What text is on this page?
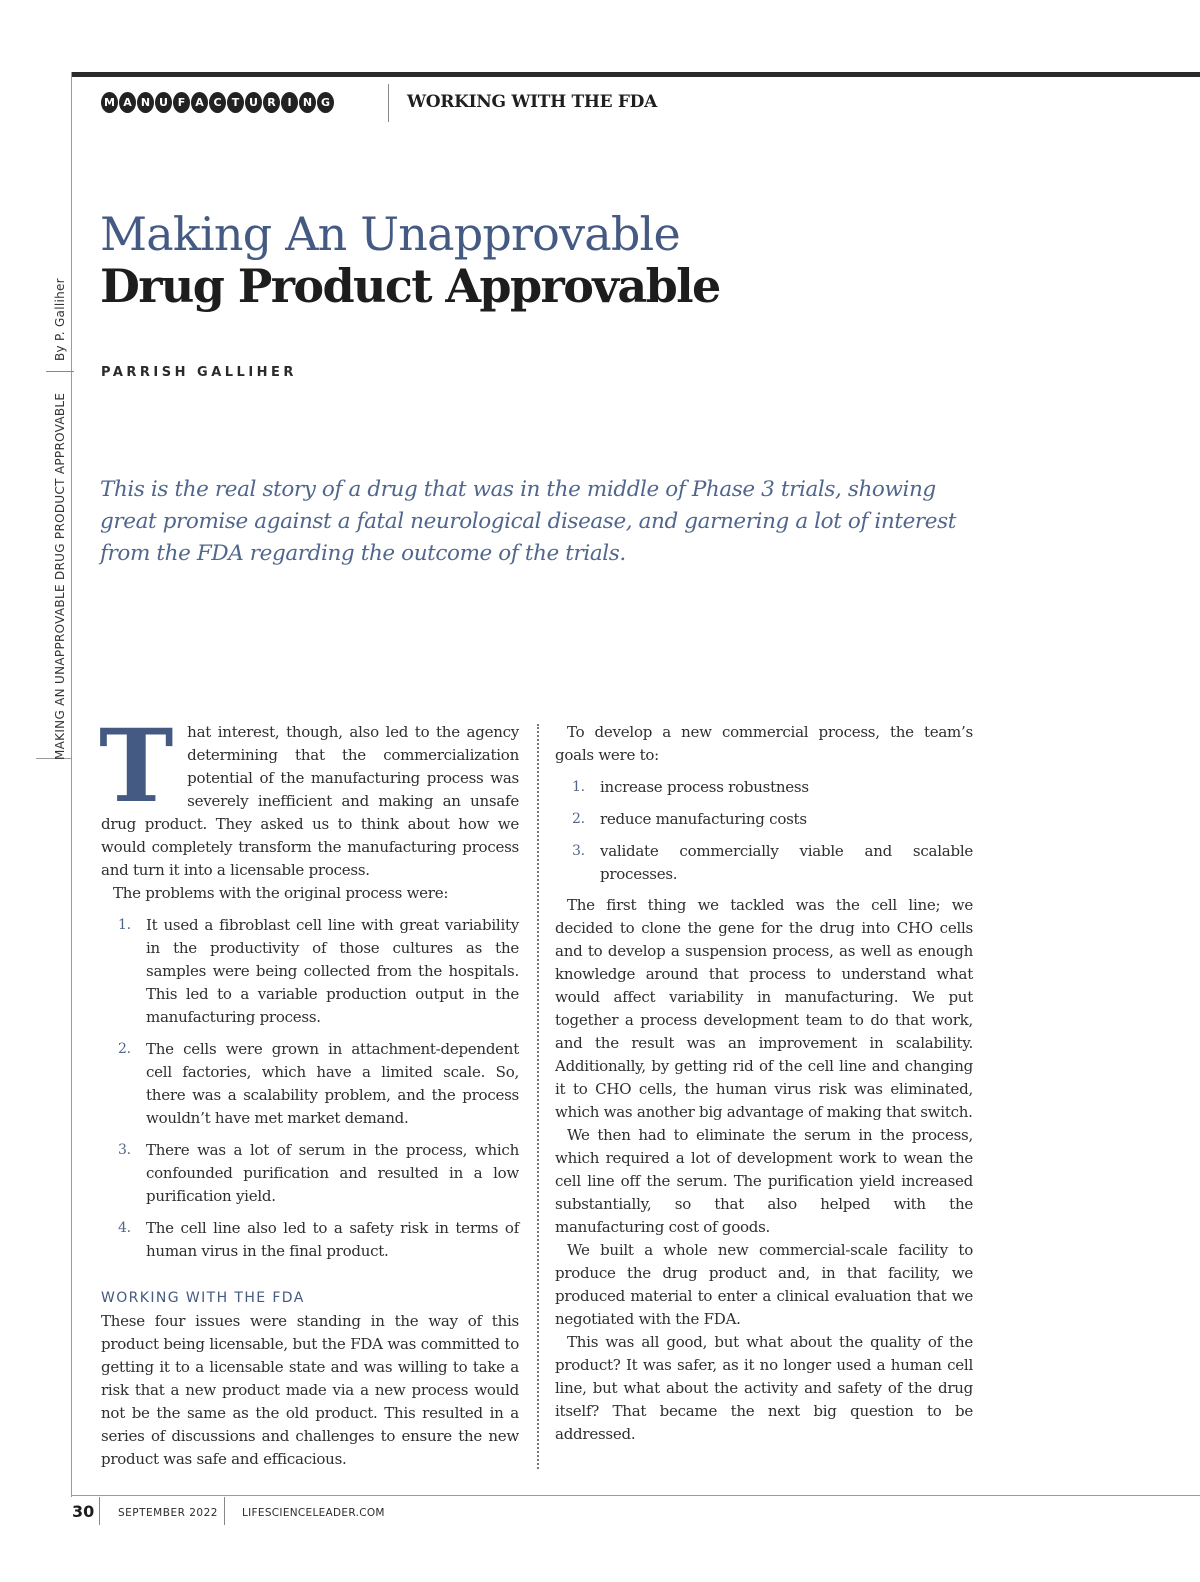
M A N U F A C T U R	I	N G	WORKING WITH THE FDA
MAKING AN UNAPPROVABLE DRUG PRODUCT APPROVABLE
By P. Galliher
Making An Unapprovable
Drug Product Approvable
PARRISH GALLIHER
This is the real story of a drug that was in the middle of Phase 3 trials, showing great promise against a fatal neurological disease, and garnering a lot of interest from the FDA regarding the outcome of the trials.

That interest, though, also led to the agency determining that the commercialization potential of the manufacturing process was severely inefficient and making an unsafe drug product. They asked us to think about how we would completely transform the manufacturing process and turn it into a licensable process.

The problems with the original process were:

1. It used a fibroblast cell line with great variability in the productivity of those cultures as the samples were being collected from the hospitals. This led to a variable production output in the manufacturing process.
2. The cells were grown in attachment-dependent cell factories, which have a limited scale. So, there was a scalability problem, and the process wouldn’t have met market demand.
3. There was a lot of serum in the process, which confounded purification and resulted in a low purification yield.
4. The cell line also led to a safety risk in terms of human virus in the final product.
WORKING WITH THE FDA

These four issues were standing in the way of this product being licensable, but the FDA was committed to getting it to a licensable state and was willing to take a risk that a new product made via a new process would not be the same as the old product. This resulted in a series of discussions and challenges to ensure the new product was safe and efficacious.

To develop a new commercial process, the team’s goals were to:

1. increase process robustness
2. reduce manufacturing costs
3. validate commercially viable and scalable processes.

The first thing we tackled was the cell line; we decided to clone the gene for the drug into CHO cells and to develop a suspension process, as well as enough knowledge around that process to understand what would affect variability in manufacturing. We put together a process development team to do that work, and the result was an improvement in scalability. Additionally, by getting rid of the cell line and changing it to CHO cells, the human virus risk was eliminated, which was another big advantage of making that switch.

We then had to eliminate the serum in the process, which required a lot of development work to wean the cell line off the serum. The purification yield increased substantially, so that also helped with the manufacturing cost of goods.

We built a whole new commercial-scale facility to produce the drug product and, in that facility, we produced material to enter a clinical evaluation that we negotiated with the FDA.

This was all good, but what about the quality of the product? It was safer, as it no longer used a human cell line, but what about the activity and safety of the drug itself? That became the next big question to be addressed.

30 SEPTEMBER 2022 LIFESCIENCELEADER.COM
